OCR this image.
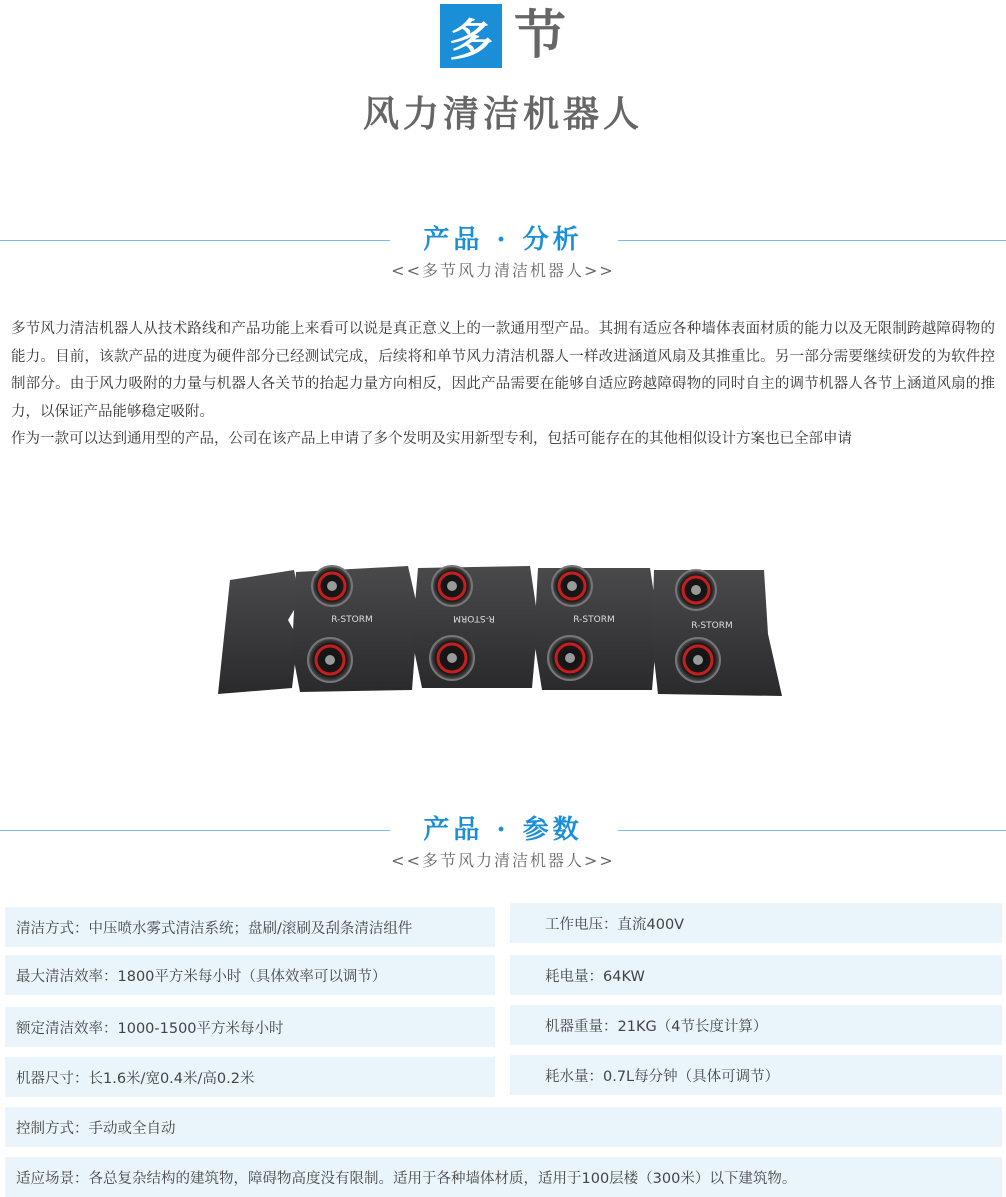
多 节
风力清洁机器人
产品 · 分析
<<多节风力清洁机器人>>

多节风力清洁机器人从技术路线和产品功能上来看可以说是真正意义上的一款通用型产品。其拥有适应各种墙体表面材质的能力以及无限制跨越障碍物的能力。目前，该款产品的进度为硬件部分已经测试完成，后续将和单节风力清洁机器人一样改进涵道风扇及其推重比。另一部分需要继续研发的为软件控制部分。由于风力吸附的力量与机器人各关节的抬起力量方向相反，因此产品需要在能够自适应跨越障碍物的同时自主的调节机器人各节上涵道风扇的推力，以保证产品能够稳定吸附。

作为一款可以达到通用型的产品，公司在该产品上申请了多个发明及实用新型专利，包括可能存在的其他相似设计方案也已全部申请

R-STORM	R-STORM	R-STORM
R-STORM
产品 · 参数
<<多节风力清洁机器人>>
清洁方式：中压喷水雾式清洁系统；盘刷/滚刷及刮条清洁组件	工作电压：直流400V
最大清洁效率：1800平方米每小时（具体效率可以调节）	耗电量：64KW
额定清洁效率：1000-1500平方米每小时	机器重量：21KG（4节长度计算）
机器尺寸：长1.6米/宽0.4米/高0.2米	耗水量：0.7L每分钟（具体可调节）
控制方式：手动或全自动
适应场景：各总复杂结构的建筑物，障碍物高度没有限制。适用于各种墙体材质，适用于100层楼（300米）以下建筑物。
